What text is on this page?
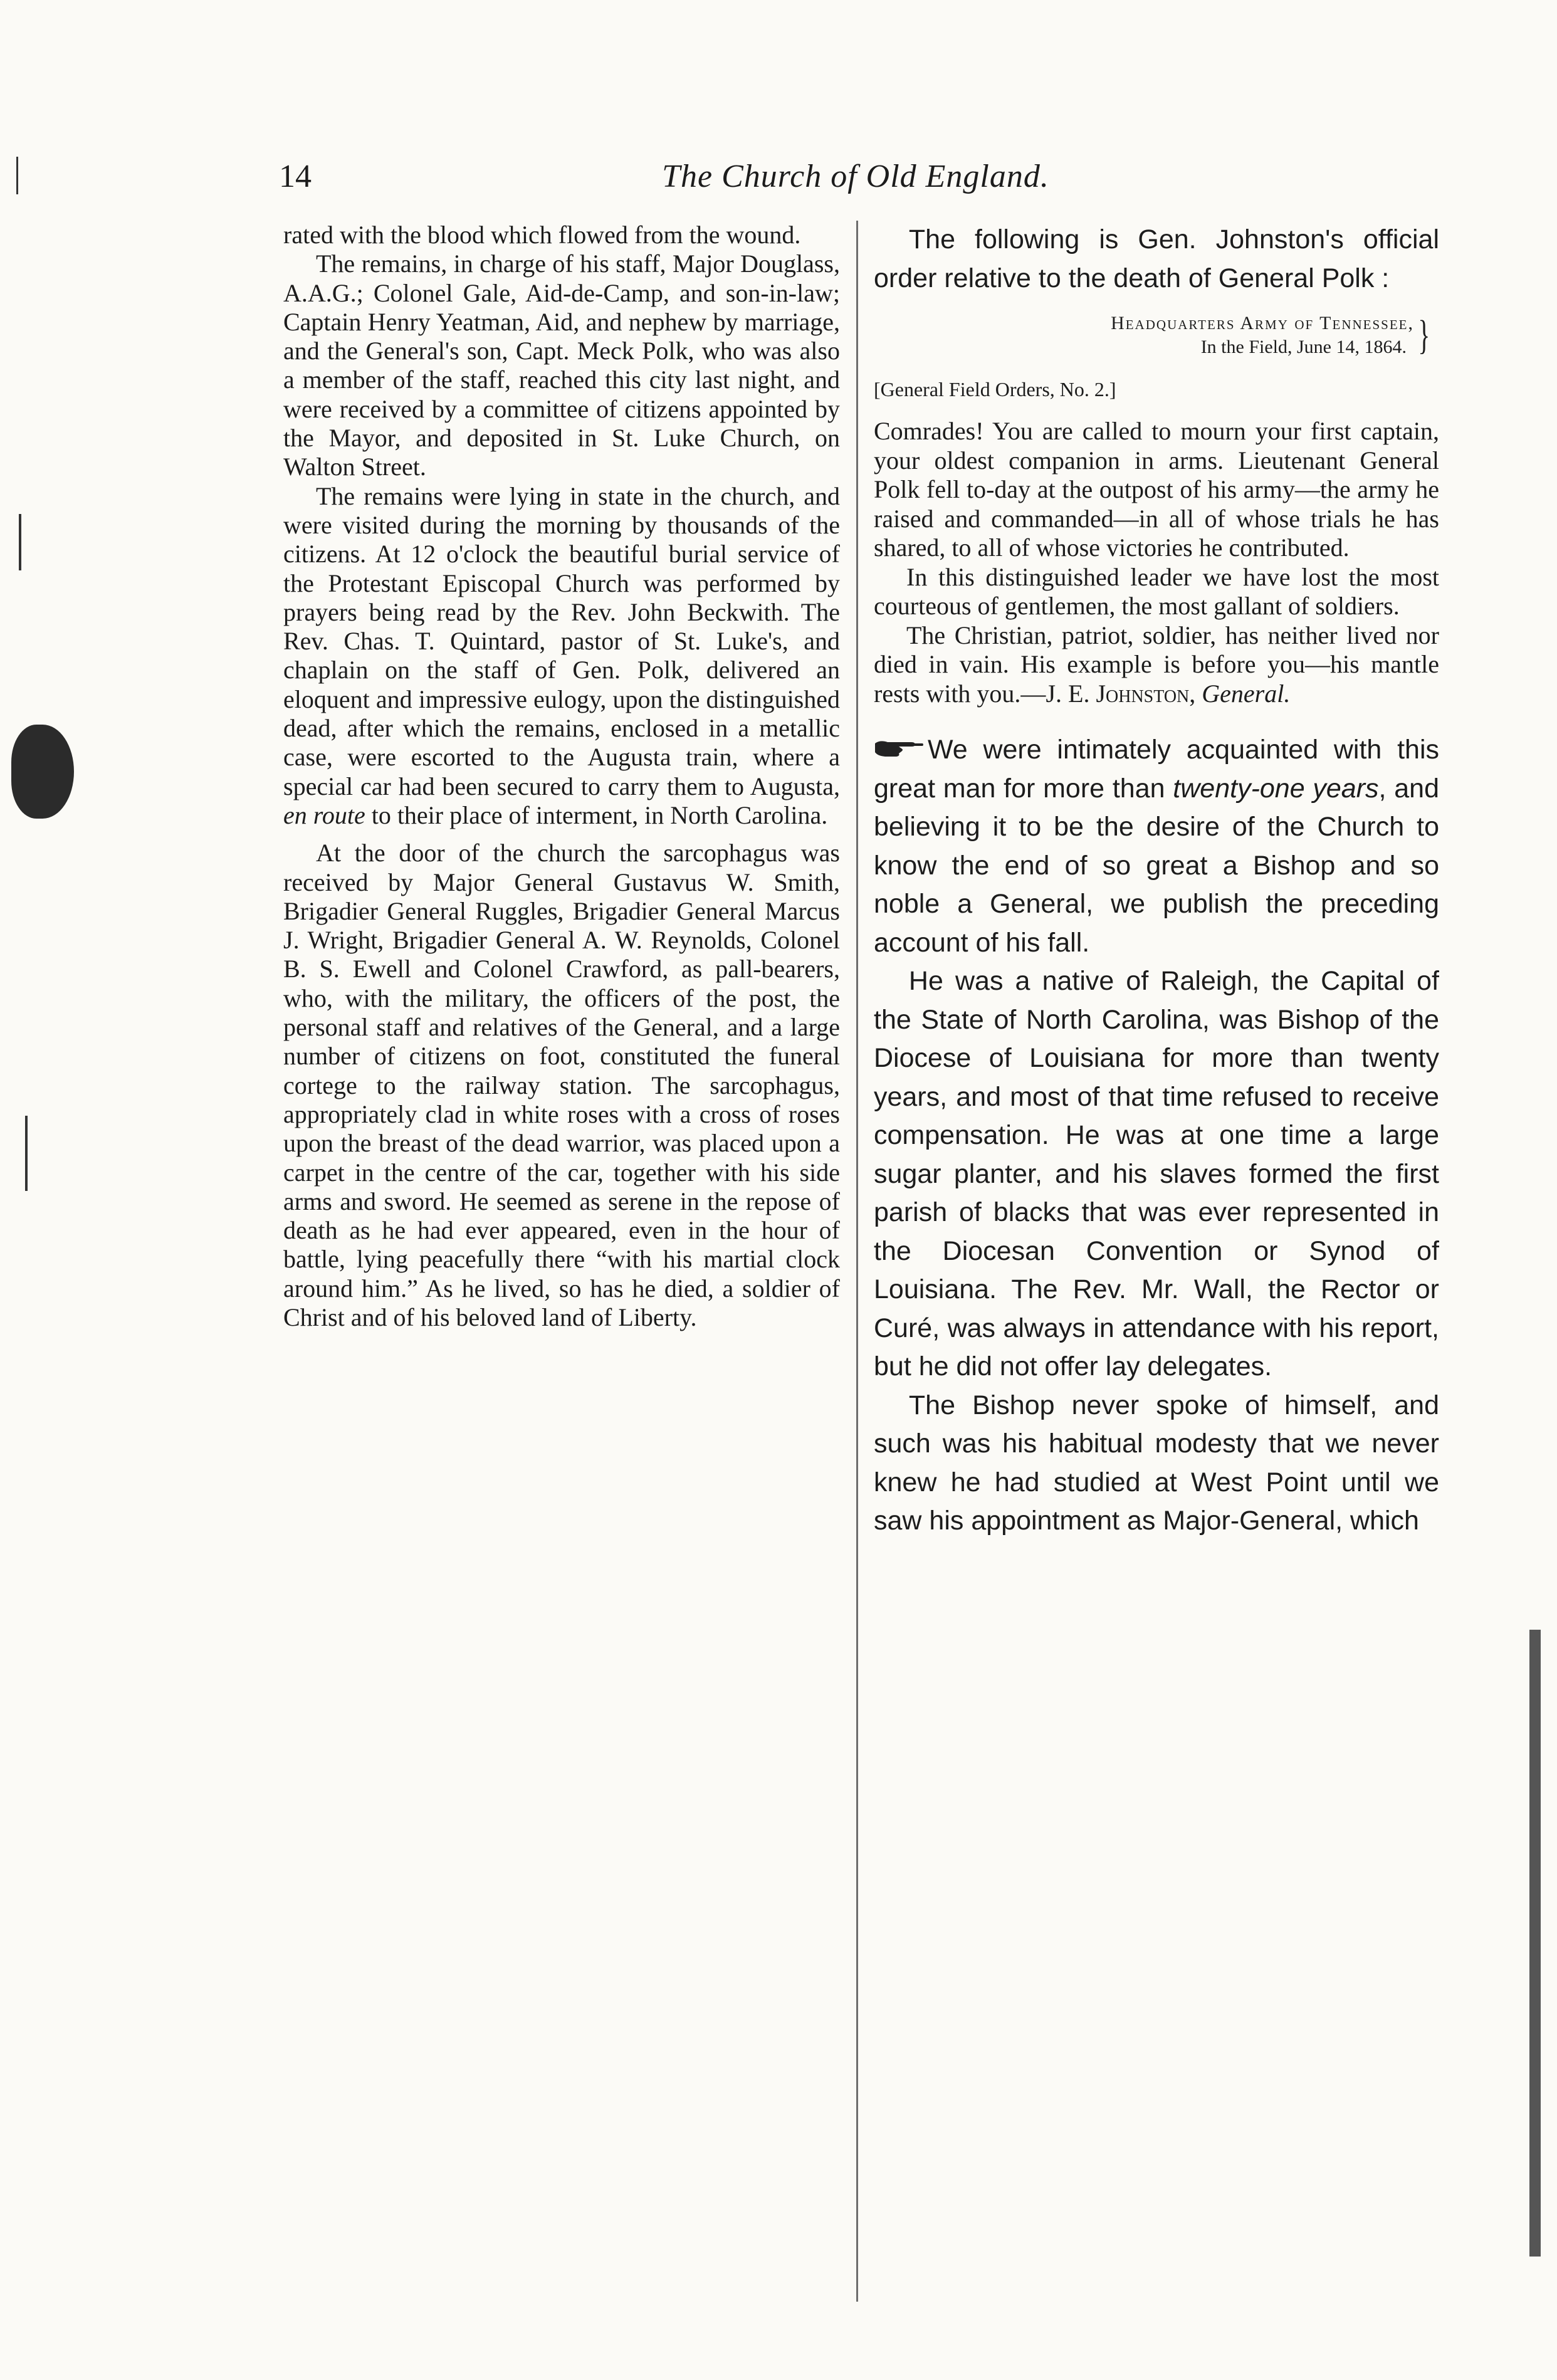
14	The Church of Old England.

rated with the blood which flowed from the wound.

The remains, in charge of his staff, Major Douglass, A.A.G.; Colonel Gale, Aid-de-Camp, and son-in-law; Captain Henry Yeatman, Aid, and nephew by marriage, and the General's son, Capt. Meck Polk, who was also a member of the staff, reached this city last night, and were received by a committee of citizens appointed by the Mayor, and deposited in St. Luke Church, on Walton Street.

The remains were lying in state in the church, and were visited during the morning by thousands of the citizens. At 12 o'clock the beautiful burial service of the Protestant Episcopal Church was performed by prayers being read by the Rev. John Beckwith. The Rev. Chas. T. Quintard, pastor of St. Luke's, and chaplain on the staff of Gen. Polk, delivered an eloquent and impressive eulogy, upon the distinguished dead, after which the remains, enclosed in a metallic case, were escorted to the Augusta train, where a special car had been secured to carry them to Augusta, en route to their place of interment, in North Carolina.

At the door of the church the sarcophagus was received by Major General Gustavus W. Smith, Brigadier General Ruggles, Brigadier General Marcus J. Wright, Brigadier General A. W. Reynolds, Colonel B. S. Ewell and Colonel Crawford, as pall-bearers, who, with the military, the officers of the post, the personal staff and relatives of the General, and a large number of citizens on foot, constituted the funeral cortege to the railway station. The sarcophagus, appropriately clad in white roses with a cross of roses upon the breast of the dead warrior, was placed upon a carpet in the centre of the car, together with his side arms and sword. He seemed as serene in the repose of death as he had ever appeared, even in the hour of battle, lying peacefully there “with his martial clock around him.” As he lived, so has he died, a soldier of Christ and of his beloved land of Liberty.

The following is Gen. Johnston's official order relative to the death of General Polk :

Headquarters Army of Tennessee,
In the Field, June 14, 1864. }
[General Field Orders, No. 2.]

Comrades! You are called to mourn your first captain, your oldest companion in arms. Lieutenant General Polk fell to-day at the outpost of his army—the army he raised and commanded—in all of whose trials he has shared, to all of whose victories he contributed.

In this distinguished leader we have lost the most courteous of gentlemen, the most gallant of soldiers.

The Christian, patriot, soldier, has neither lived nor died in vain. His example is before you—his mantle rests with you.—J. E. Johnston, General.

We were intimately acquainted with this great man for more than twenty-one years, and believing it to be the desire of the Church to know the end of so great a Bishop and so noble a General, we publish the preceding account of his fall.

He was a native of Raleigh, the Capital of the State of North Carolina, was Bishop of the Diocese of Louisiana for more than twenty years, and most of that time refused to receive compensation. He was at one time a large sugar planter, and his slaves formed the first parish of blacks that was ever represented in the Diocesan Convention or Synod of Louisiana. The Rev. Mr. Wall, the Rector or Curé, was always in attendance with his report, but he did not offer lay delegates.

The Bishop never spoke of himself, and such was his habitual modesty that we never knew he had studied at West Point until we saw his appointment as Major-General, which
